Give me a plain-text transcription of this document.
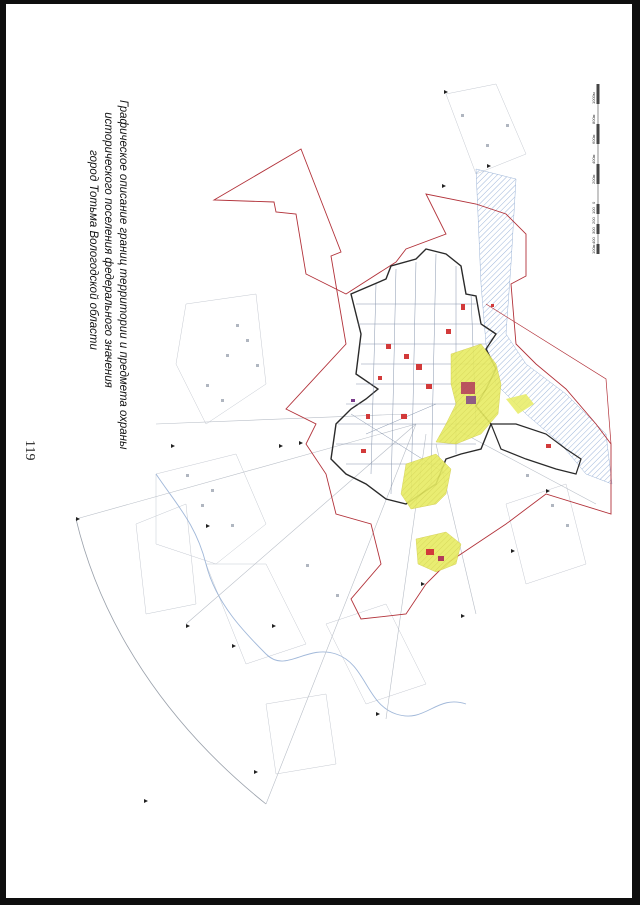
119
Графическое описание границ территории и предмета охраны
исторического поселения федерального значения
город Тотьма Вологодской области	100м
400
300
200
100
0
200м
400м
600м
800м
1000м
